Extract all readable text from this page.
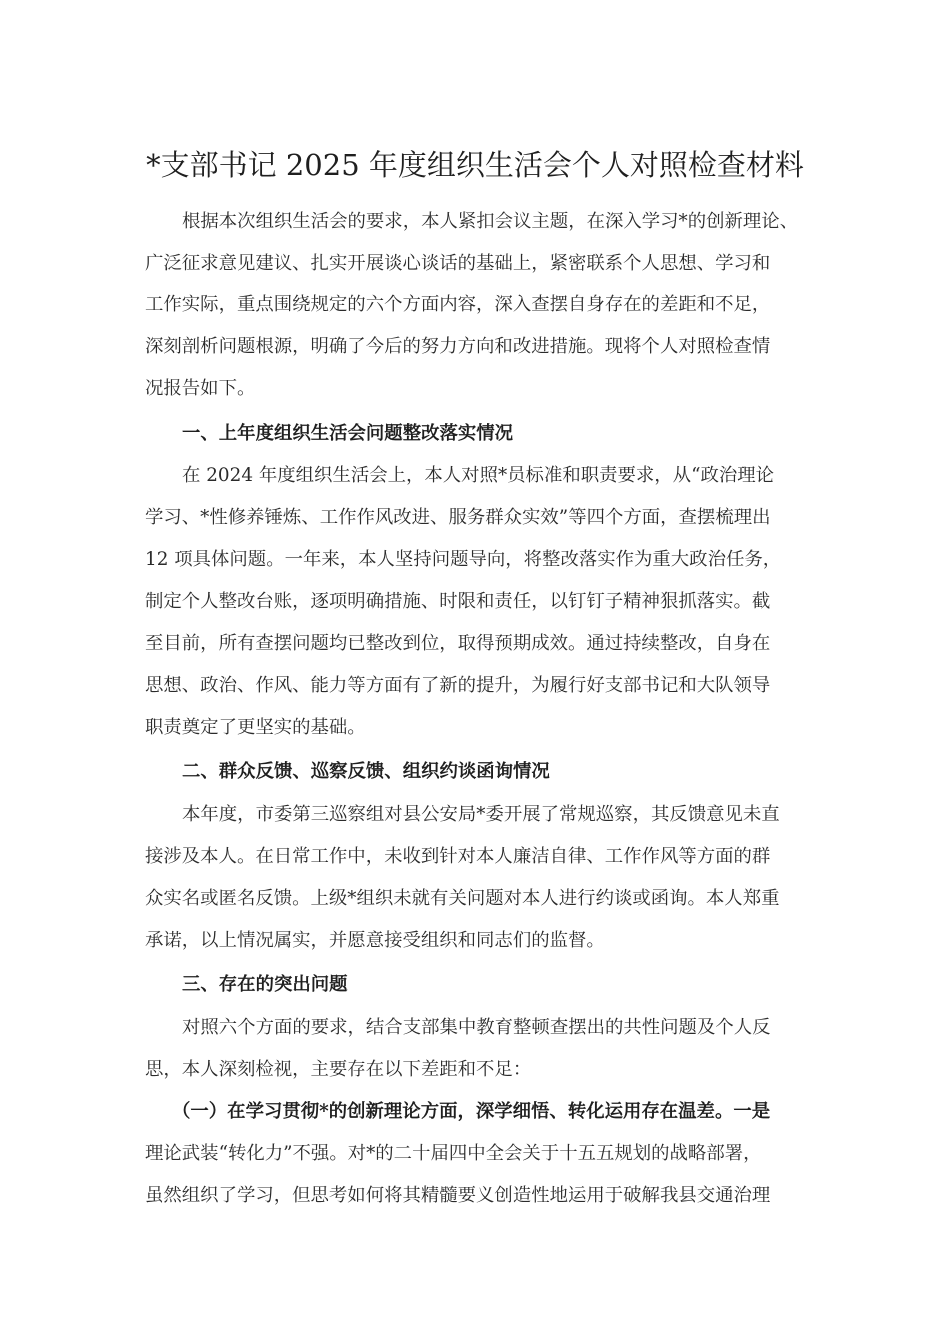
*支部书记 2025 年度组织生活会个人对照检查材料
根据本次组织生活会的要求，本人紧扣会议主题，在深入学习*的创新理论、
广泛征求意见建议、扎实开展谈心谈话的基础上，紧密联系个人思想、学习和
工作实际，重点围绕规定的六个方面内容，深入查摆自身存在的差距和不足，
深刻剖析问题根源，明确了今后的努力方向和改进措施。现将个人对照检查情
况报告如下。
一、上年度组织生活会问题整改落实情况
在 2024 年度组织生活会上，本人对照*员标准和职责要求，从“政治理论
学习、*性修养锤炼、工作作风改进、服务群众实效”等四个方面，查摆梳理出
12 项具体问题。一年来，本人坚持问题导向，将整改落实作为重大政治任务，
制定个人整改台账，逐项明确措施、时限和责任，以钉钉子精神狠抓落实。截
至目前，所有查摆问题均已整改到位，取得预期成效。通过持续整改，自身在
思想、政治、作风、能力等方面有了新的提升，为履行好支部书记和大队领导
职责奠定了更坚实的基础。
二、群众反馈、巡察反馈、组织约谈函询情况
本年度，市委第三巡察组对县公安局*委开展了常规巡察，其反馈意见未直
接涉及本人。在日常工作中，未收到针对本人廉洁自律、工作作风等方面的群
众实名或匿名反馈。上级*组织未就有关问题对本人进行约谈或函询。本人郑重
承诺，以上情况属实，并愿意接受组织和同志们的监督。
三、存在的突出问题
对照六个方面的要求，结合支部集中教育整顿查摆出的共性问题及个人反
思，本人深刻检视，主要存在以下差距和不足：
（一）在学习贯彻*的创新理论方面，深学细悟、转化运用存在温差。一是
理论武装“转化力”不强。对*的二十届四中全会关于十五五规划的战略部署，
虽然组织了学习，但思考如何将其精髓要义创造性地运用于破解我县交通治理
